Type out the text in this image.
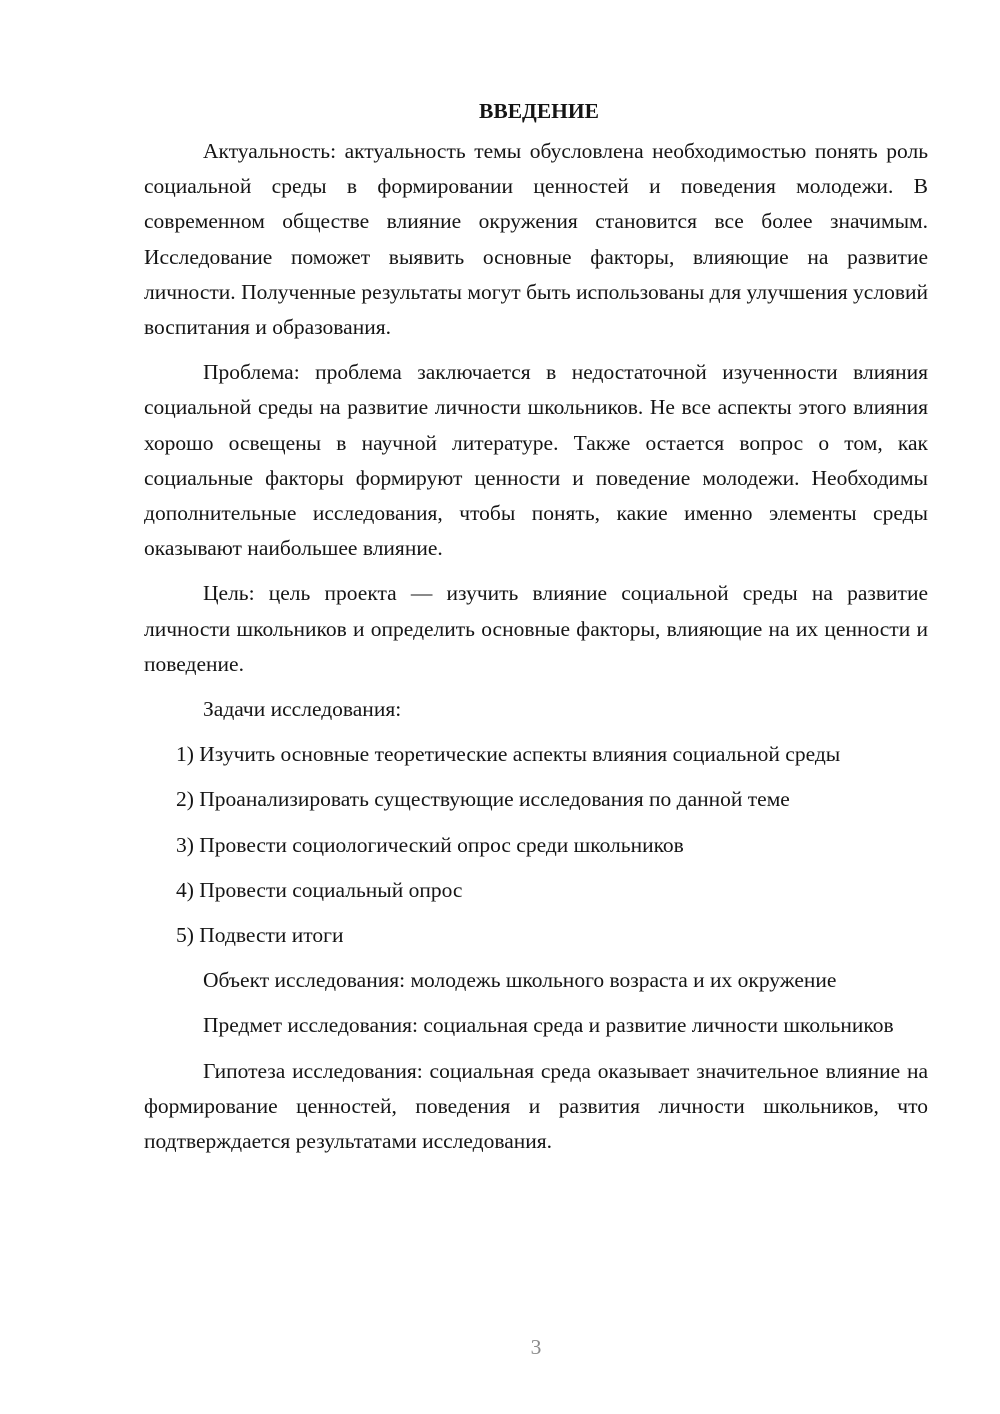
ВВЕДЕНИЕ

Актуальность: актуальность темы обусловлена необходимостью понять роль социальной среды в формировании ценностей и поведения молодежи. В современном обществе влияние окружения становится все более значимым. Исследование поможет выявить основные факторы, влияющие на развитие личности. Полученные результаты могут быть использованы для улучшения условий воспитания и образования.

Проблема: проблема заключается в недостаточной изученности влияния социальной среды на развитие личности школьников. Не все аспекты этого влияния хорошо освещены в научной литературе. Также остается вопрос о том, как социальные факторы формируют ценности и поведение молодежи. Необходимы дополнительные исследования, чтобы понять, какие именно элементы среды оказывают наибольшее влияние.

Цель: цель проекта — изучить влияние социальной среды на развитие личности школьников и определить основные факторы, влияющие на их ценности и поведение.

Задачи исследования:

1) Изучить основные теоретические аспекты влияния социальной среды

2) Проанализировать существующие исследования по данной теме

3) Провести социологический опрос среди школьников

4) Провести социальный опрос

5) Подвести итоги

Объект исследования: молодежь школьного возраста и их окружение

Предмет исследования: социальная среда и развитие личности школьников

Гипотеза исследования: социальная среда оказывает значительное влияние на формирование ценностей, поведения и развития личности школьников, что подтверждается результатами исследования.

3
